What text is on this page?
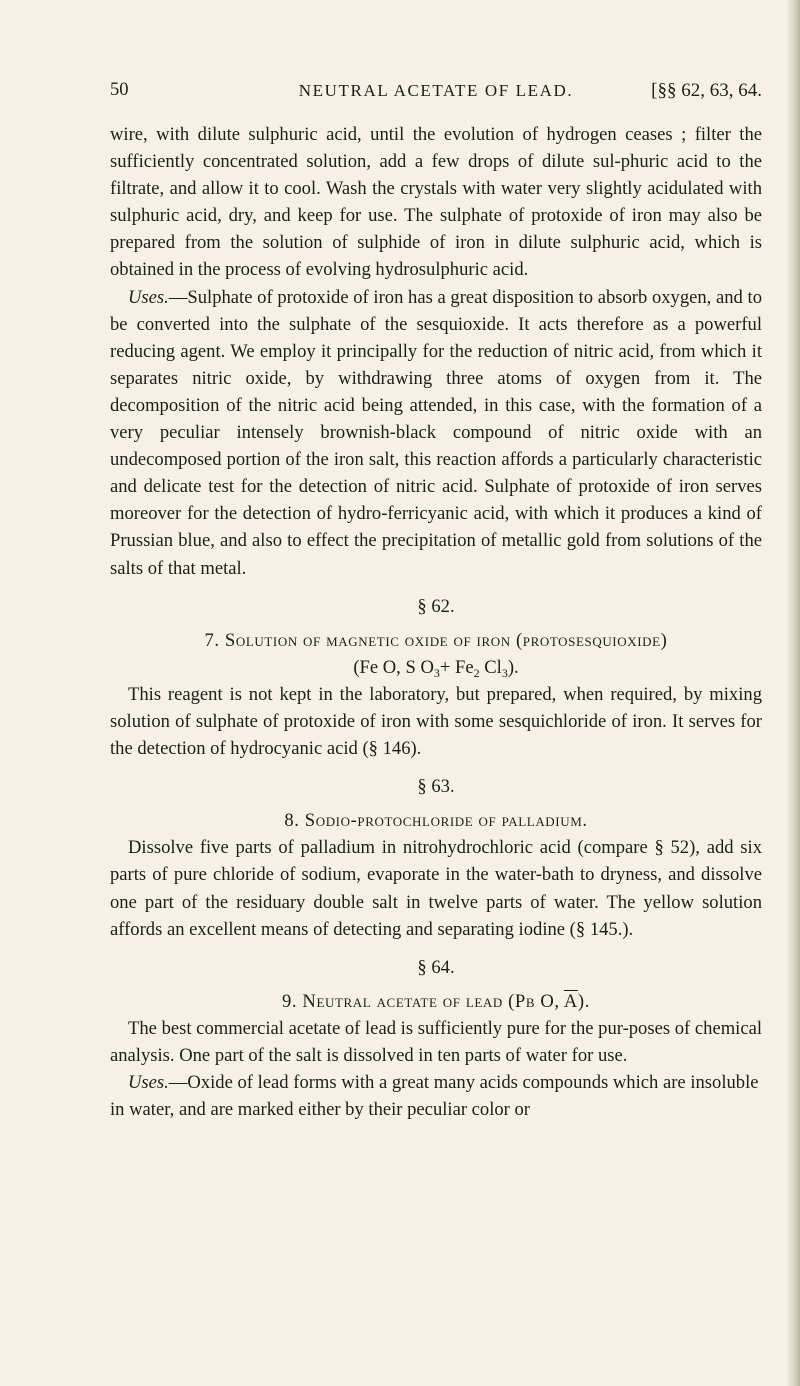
50	NEUTRAL ACETATE OF LEAD.	[§§ 62, 63, 64.

wire, with dilute sulphuric acid, until the evolution of hydrogen ceases ; filter the sufficiently concentrated solution, add a few drops of dilute sul-phuric acid to the filtrate, and allow it to cool. Wash the crystals with water very slightly acidulated with sulphuric acid, dry, and keep for use. The sulphate of protoxide of iron may also be prepared from the solution of sulphide of iron in dilute sulphuric acid, which is obtained in the process of evolving hydrosulphuric acid.

Uses.—Sulphate of protoxide of iron has a great disposition to absorb oxygen, and to be converted into the sulphate of the sesquioxide. It acts therefore as a powerful reducing agent. We employ it principally for the reduction of nitric acid, from which it separates nitric oxide, by withdrawing three atoms of oxygen from it. The decomposition of the nitric acid being attended, in this case, with the formation of a very peculiar intensely brownish-black compound of nitric oxide with an undecomposed portion of the iron salt, this reaction affords a particularly characteristic and delicate test for the detection of nitric acid. Sulphate of protoxide of iron serves moreover for the detection of hydro-ferricyanic acid, with which it produces a kind of Prussian blue, and also to effect the precipitation of metallic gold from solutions of the salts of that metal.

§ 62.
7. Solution of magnetic oxide of iron (protosesquioxide)
(Fe O, S $O_3+ Fe_2$ $Cl_3$).

This reagent is not kept in the laboratory, but prepared, when required, by mixing solution of sulphate of protoxide of iron with some sesquichloride of iron. It serves for the detection of hydrocyanic acid (§ 146).

§ 63.
8. Sodio-protochloride of palladium.

Dissolve five parts of palladium in nitrohydrochloric acid (compare § 52), add six parts of pure chloride of sodium, evaporate in the water-bath to dryness, and dissolve one part of the residuary double salt in twelve parts of water. The yellow solution affords an excellent means of detecting and separating iodine (§ 145.).

§ 64.
9. Neutral acetate of lead (Pb O, $\overline{A}$).

The best commercial acetate of lead is sufficiently pure for the pur-poses of chemical analysis. One part of the salt is dissolved in ten parts of water for use.

Uses.—Oxide of lead forms with a great many acids compounds which are insoluble in water, and are marked either by their peculiar color or
